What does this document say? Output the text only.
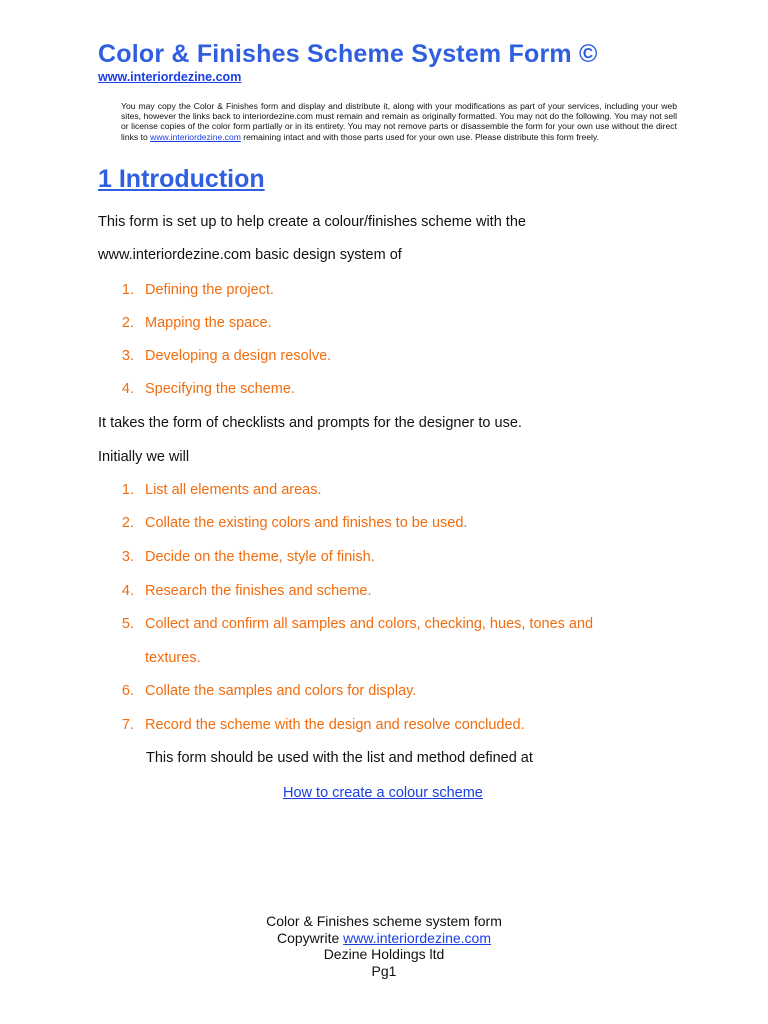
Color & Finishes Scheme System Form ©
www.interiordezine.com
You may copy the Color & Finishes form and display and distribute it, along with your modifications as part of your services, including your web sites, however the links back to interiordezine.com must remain and remain as originally formatted. You may not do the following. You may not sell or license copies of the color form partially or in its entirety. You may not remove parts or disassemble the form for your own use without the direct links to www.interiordezine.com remaining intact and with those parts used for your own use. Please distribute this form freely.
1 Introduction
This form is set up to help create a colour/finishes scheme with the
www.interiordezine.com basic design system of
1. Defining the project.
2. Mapping the space.
3. Developing a design resolve.
4. Specifying the scheme.
It takes the form of checklists and prompts for the designer to use.
Initially we will
1. List all elements and areas.
2. Collate the existing colors and finishes to be used.
3. Decide on the theme, style of finish.
4. Research the finishes and scheme.
5. Collect and confirm all samples and colors, checking, hues, tones and
textures.
6. Collate the samples and colors for display.
7. Record the scheme with the design and resolve concluded.
This form should be used with the list and method defined at
How to create a colour scheme
Color & Finishes scheme system form
Copywrite www.interiordezine.com
Dezine Holdings ltd
Pg1
